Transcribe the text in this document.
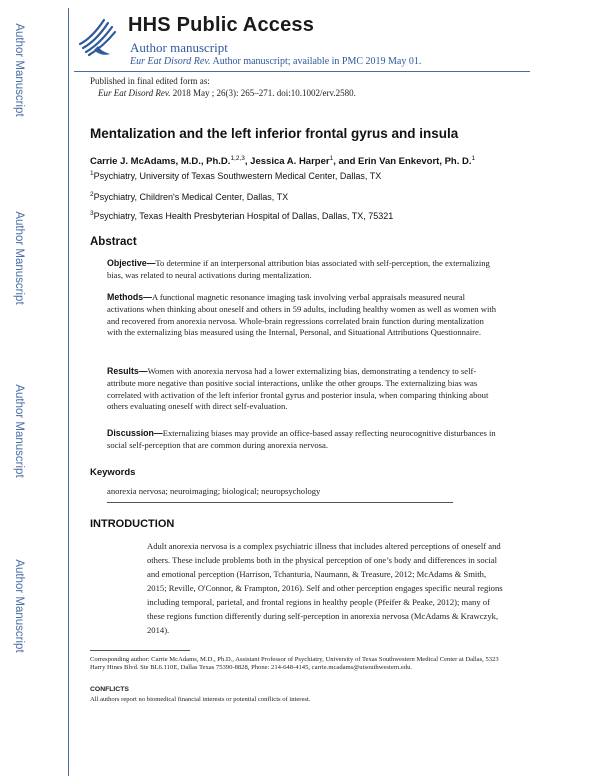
Author Manuscript
Author Manuscript
Author Manuscript
Author Manuscript
HHS Public Access
Author manuscript
Eur Eat Disord Rev. Author manuscript; available in PMC 2019 May 01.
Published in final edited form as:
Eur Eat Disord Rev. 2018 May ; 26(3): 265–271. doi:10.1002/erv.2580.
Mentalization and the left inferior frontal gyrus and insula
Carrie J. McAdams, M.D., Ph.D.$^{1,2,3}$, Jessica A. Harper$^1$, and Erin Van Enkevort, Ph. D.$^1$
$^1$Psychiatry, University of Texas Southwestern Medical Center, Dallas, TX
$^2$Psychiatry, Children's Medical Center, Dallas, TX
$^3$Psychiatry, Texas Health Presbyterian Hospital of Dallas, Dallas, TX, 75321
Abstract
Objective—To determine if an interpersonal attribution bias associated with self-perception, the externalizing bias, was related to neural activations during mentalization.
Methods—A functional magnetic resonance imaging task involving verbal appraisals measured neural activations when thinking about oneself and others in 59 adults, including healthy women as well as women with and recovered from anorexia nervosa. Whole-brain regressions correlated brain function during mentalization with the externalizing bias measured using the Internal, Personal, and Situational Attributions Questionnaire.
Results—Women with anorexia nervosa had a lower externalizing bias, demonstrating a tendency to self-attribute more negative than positive social interactions, unlike the other groups. The externalizing bias was correlated with activation of the left inferior frontal gyrus and posterior insula, when comparing thinking about others evaluating oneself with direct self-evaluation.
Discussion—Externalizing biases may provide an office-based assay reflecting neurocognitive disturbances in social self-perception that are common during anorexia nervosa.
Keywords
anorexia nervosa; neuroimaging; biological; neuropsychology
INTRODUCTION
Adult anorexia nervosa is a complex psychiatric illness that includes altered perceptions of oneself and others. These include problems both in the physical perception of one’s body and differences in social and emotional perception (Harrison, Tchanturia, Naumann, & Treasure, 2012; McAdams & Smith, 2015; Reville, O'Connor, & Frampton, 2016). Self and other perception engages specific neural regions including temporal, parietal, and frontal regions in healthy people (Pfeifer & Peake, 2012); many of these regions function differently during self-perception in anorexia nervosa (McAdams & Krawczyk, 2014).
Corresponding author: Carrie McAdams, M.D., Ph.D., Assistant Professor of Psychiatry, University of Texas Southwestern Medical Center at Dallas, 5323 Harry Hines Blvd. Ste BL6.110E, Dallas Texas 75390-8828, Phone: 214-648-4145, carrie.mcadams@utsouthwestern.edu.
CONFLICTS
All authors report no biomedical financial interests or potential conflicts of interest.
